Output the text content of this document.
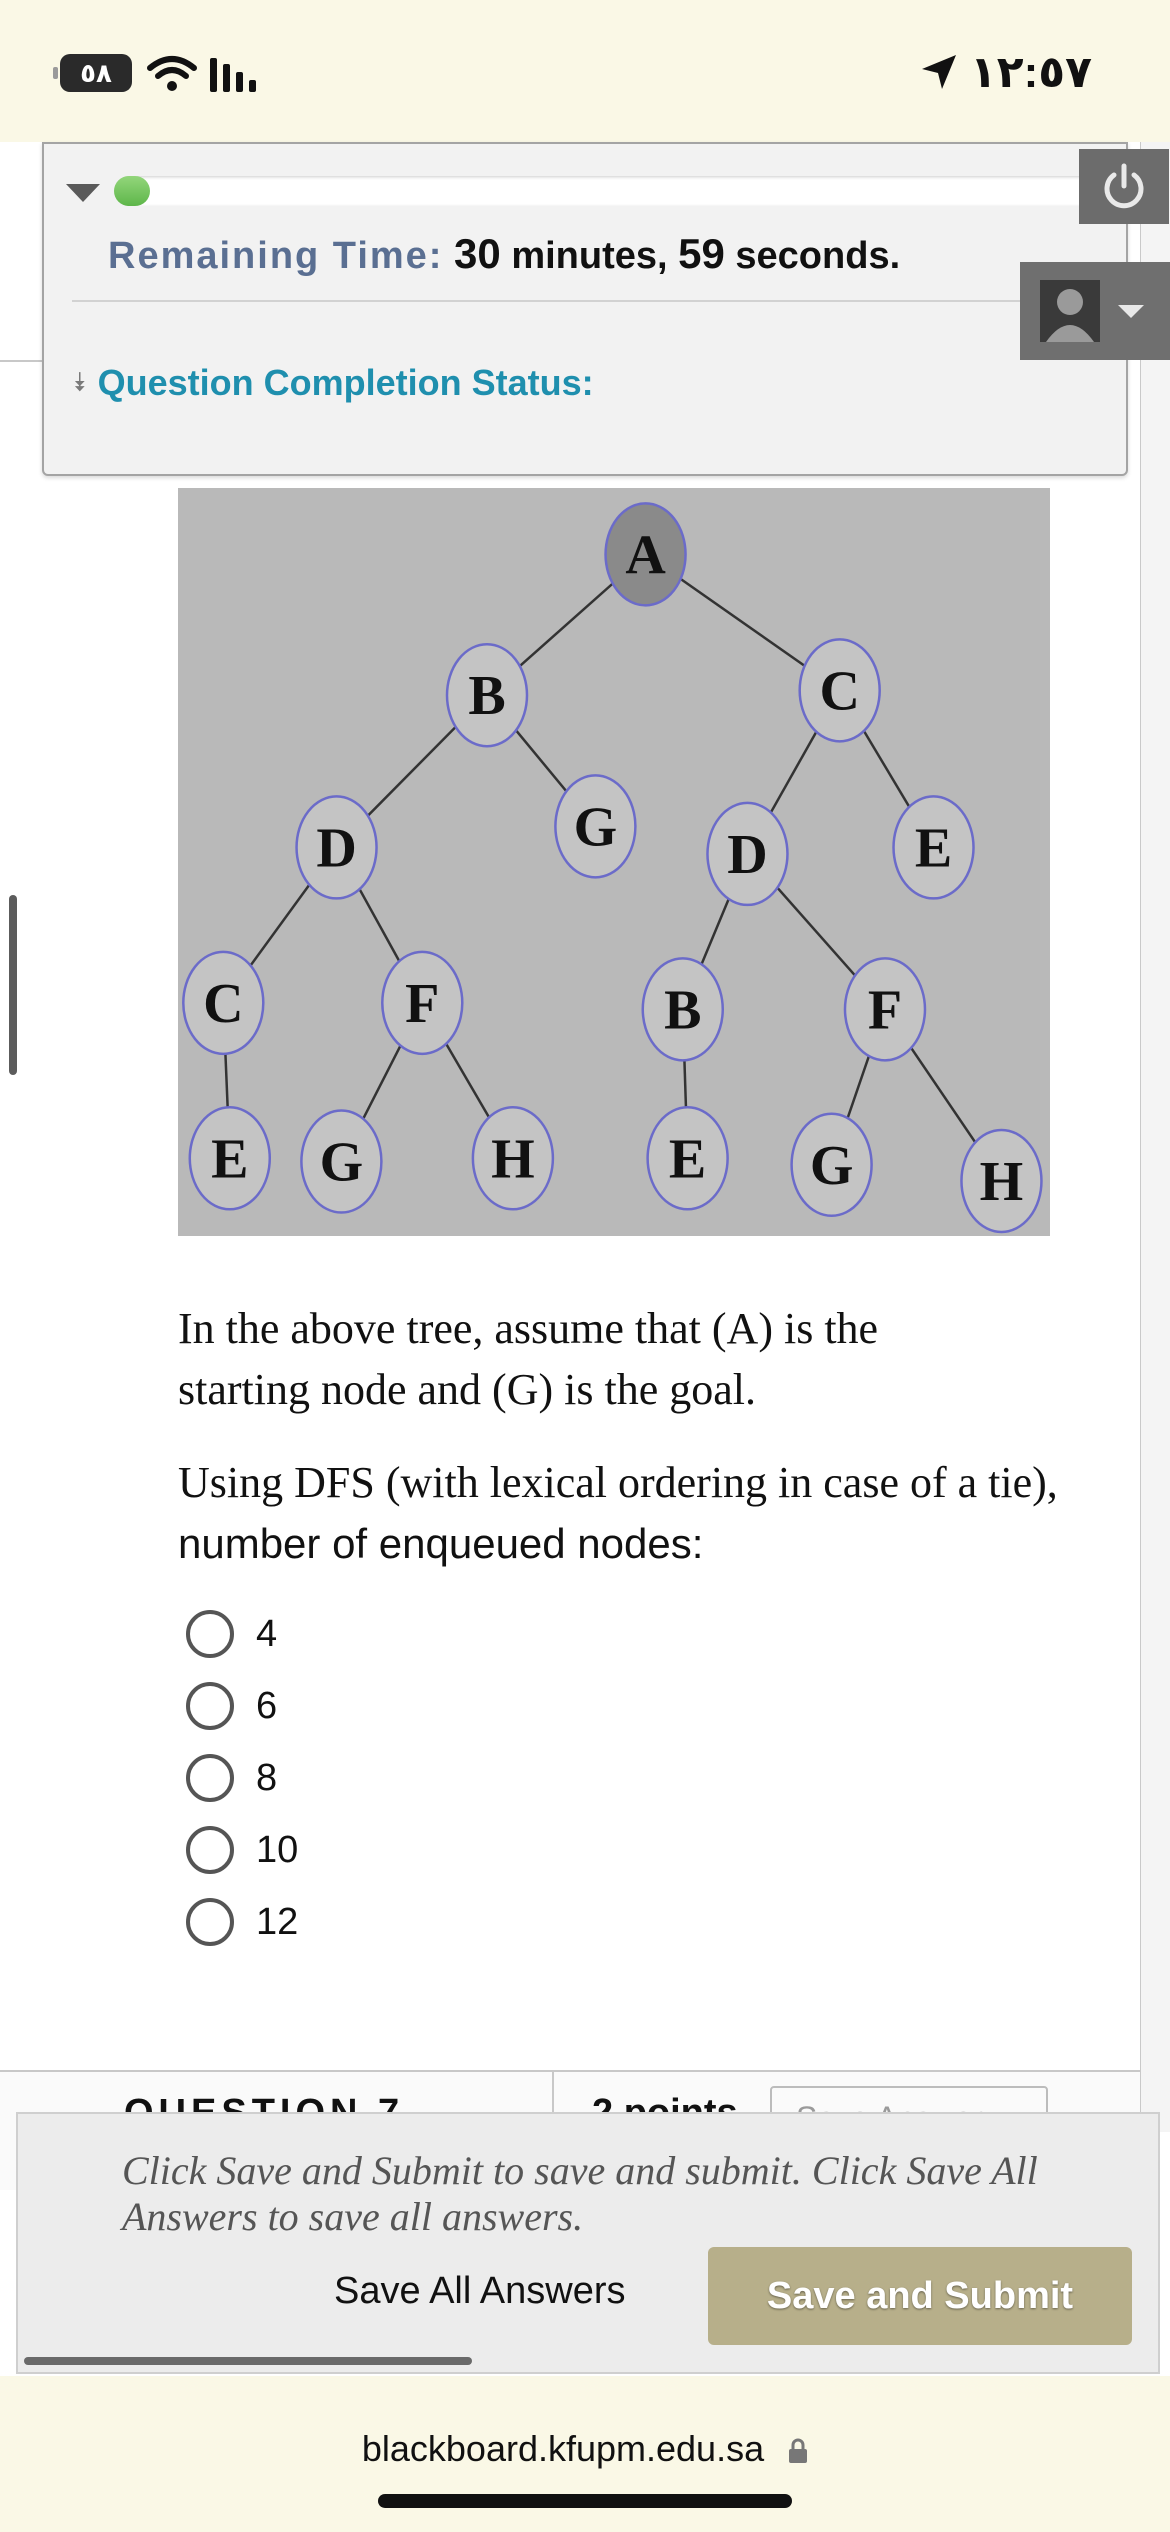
٥٨	١٢:٥٧
Remaining Time: 30 minutes, 59 seconds.
⯯ Question Completion Status:
A
B	C
D	G D	E
C	F	B	F
E G H E G H
In the above tree, assume that (A) is the
starting node and (G) is the goal.
Using DFS (with lexical ordering in case of a tie), number of enqueued nodes:
4
6
8
10
12
Click Save and Submit to save and submit. Click Save All Answers to save all answers.
Save All Answers	Save and Submit
blackboard.kfupm.edu.sa
